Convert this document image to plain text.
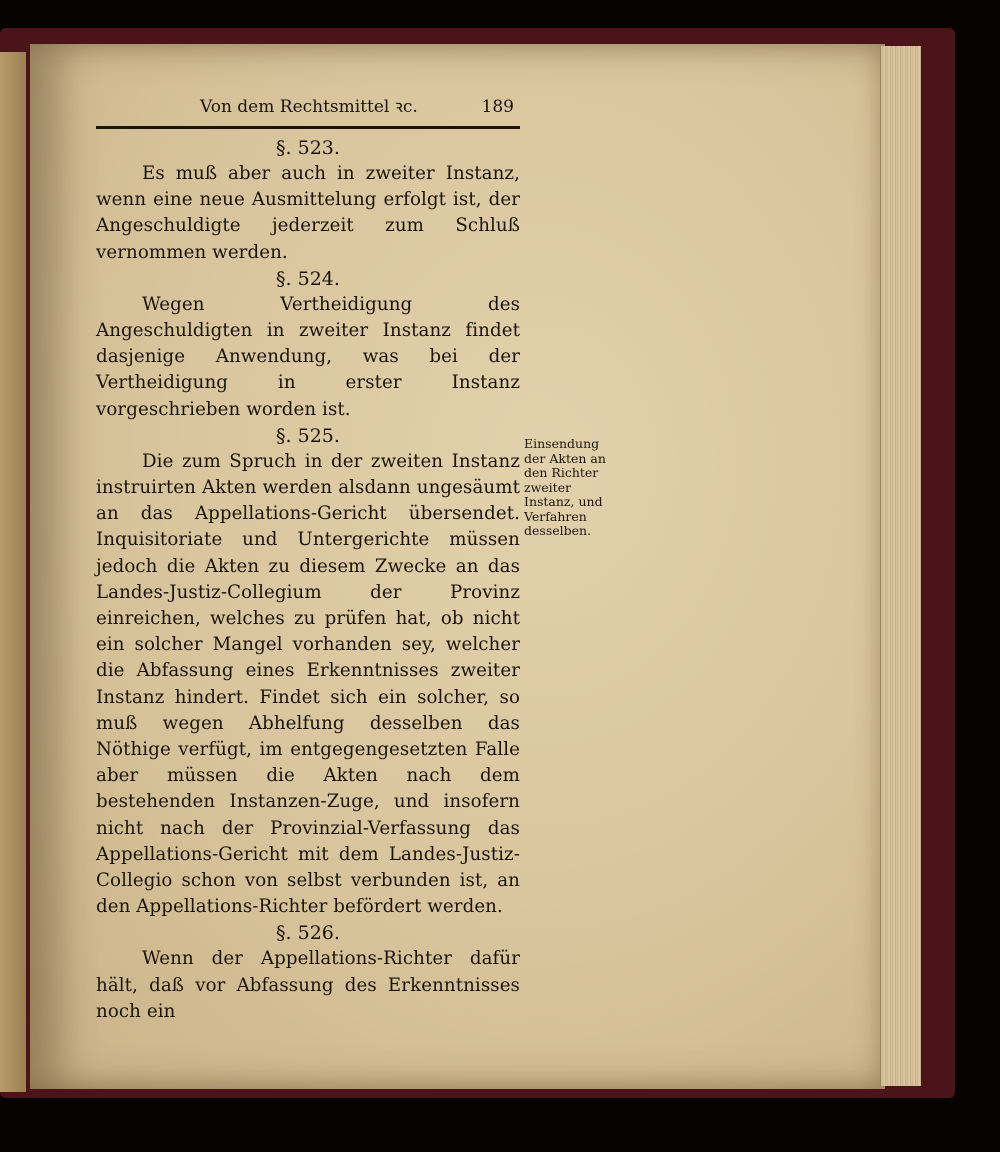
Von dem Rechtsmittel ꝛc.	189
§. 523.

Es muß aber auch in zweiter Instanz, wenn eine neue Ausmittelung erfolgt ist, der Angeschuldigte jederzeit zum Schluß vernommen werden.

§. 524.

Wegen Vertheidigung des Angeschuldigten in zweiter Instanz findet dasjenige Anwendung, was bei der Vertheidigung in erster Instanz vorgeschrieben worden ist.

§. 525.

Die zum Spruch in der zweiten Instanz instruirten Akten werden alsdann ungesäumt an das Appellations-Gericht übersendet. Inquisitoriate und Untergerichte müssen jedoch die Akten zu diesem Zwecke an das Landes-Justiz-Collegium der Provinz einreichen, welches zu prüfen hat, ob nicht ein solcher Mangel vorhanden sey, welcher die Abfassung eines Erkenntnisses zweiter Instanz hindert. Findet sich ein solcher, so muß wegen Abhelfung desselben das Nöthige verfügt, im entgegengesetzten Falle aber müssen die Akten nach dem bestehenden Instanzen-Zuge, und insofern nicht nach der Provinzial-Verfassung das Appellations-Gericht mit dem Landes-Justiz-Collegio schon von selbst verbunden ist, an den Appellations-Richter befördert werden.

§. 526.

Wenn der Appellations-Richter dafür hält, daß vor Abfassung des Erkenntnisses noch ein

Einsendung der Akten an den Richter zweiter Instanz, und Verfahren desselben.
